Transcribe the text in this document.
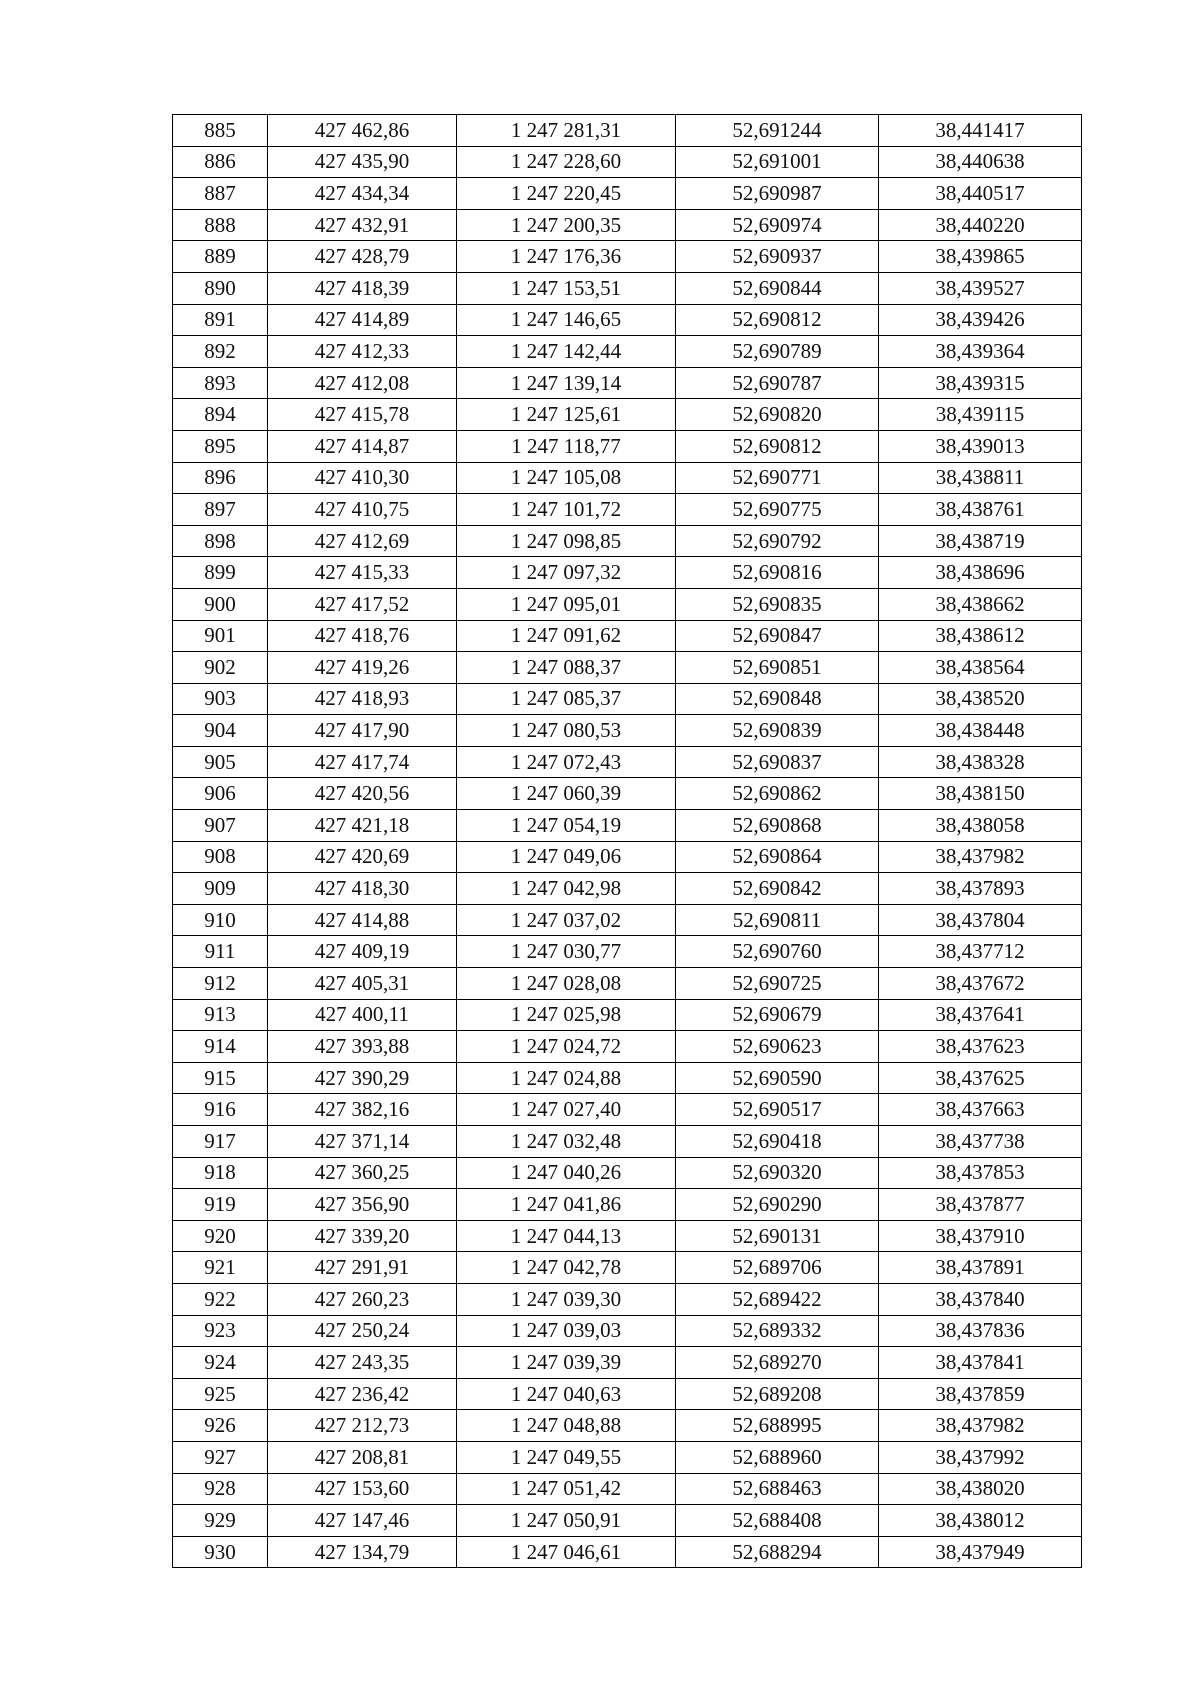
885	427 462,86	1 247 281,31	52,691244	38,441417
886	427 435,90	1 247 228,60	52,691001	38,440638
887	427 434,34	1 247 220,45	52,690987	38,440517
888	427 432,91	1 247 200,35	52,690974	38,440220
889	427 428,79	1 247 176,36	52,690937	38,439865
890	427 418,39	1 247 153,51	52,690844	38,439527
891	427 414,89	1 247 146,65	52,690812	38,439426
892	427 412,33	1 247 142,44	52,690789	38,439364
893	427 412,08	1 247 139,14	52,690787	38,439315
894	427 415,78	1 247 125,61	52,690820	38,439115
895	427 414,87	1 247 118,77	52,690812	38,439013
896	427 410,30	1 247 105,08	52,690771	38,438811
897	427 410,75	1 247 101,72	52,690775	38,438761
898	427 412,69	1 247 098,85	52,690792	38,438719
899	427 415,33	1 247 097,32	52,690816	38,438696
900	427 417,52	1 247 095,01	52,690835	38,438662
901	427 418,76	1 247 091,62	52,690847	38,438612
902	427 419,26	1 247 088,37	52,690851	38,438564
903	427 418,93	1 247 085,37	52,690848	38,438520
904	427 417,90	1 247 080,53	52,690839	38,438448
905	427 417,74	1 247 072,43	52,690837	38,438328
906	427 420,56	1 247 060,39	52,690862	38,438150
907	427 421,18	1 247 054,19	52,690868	38,438058
908	427 420,69	1 247 049,06	52,690864	38,437982
909	427 418,30	1 247 042,98	52,690842	38,437893
910	427 414,88	1 247 037,02	52,690811	38,437804
911	427 409,19	1 247 030,77	52,690760	38,437712
912	427 405,31	1 247 028,08	52,690725	38,437672
913	427 400,11	1 247 025,98	52,690679	38,437641
914	427 393,88	1 247 024,72	52,690623	38,437623
915	427 390,29	1 247 024,88	52,690590	38,437625
916	427 382,16	1 247 027,40	52,690517	38,437663
917	427 371,14	1 247 032,48	52,690418	38,437738
918	427 360,25	1 247 040,26	52,690320	38,437853
919	427 356,90	1 247 041,86	52,690290	38,437877
920	427 339,20	1 247 044,13	52,690131	38,437910
921	427 291,91	1 247 042,78	52,689706	38,437891
922	427 260,23	1 247 039,30	52,689422	38,437840
923	427 250,24	1 247 039,03	52,689332	38,437836
924	427 243,35	1 247 039,39	52,689270	38,437841
925	427 236,42	1 247 040,63	52,689208	38,437859
926	427 212,73	1 247 048,88	52,688995	38,437982
927	427 208,81	1 247 049,55	52,688960	38,437992
928	427 153,60	1 247 051,42	52,688463	38,438020
929	427 147,46	1 247 050,91	52,688408	38,438012
930	427 134,79	1 247 046,61	52,688294	38,437949
